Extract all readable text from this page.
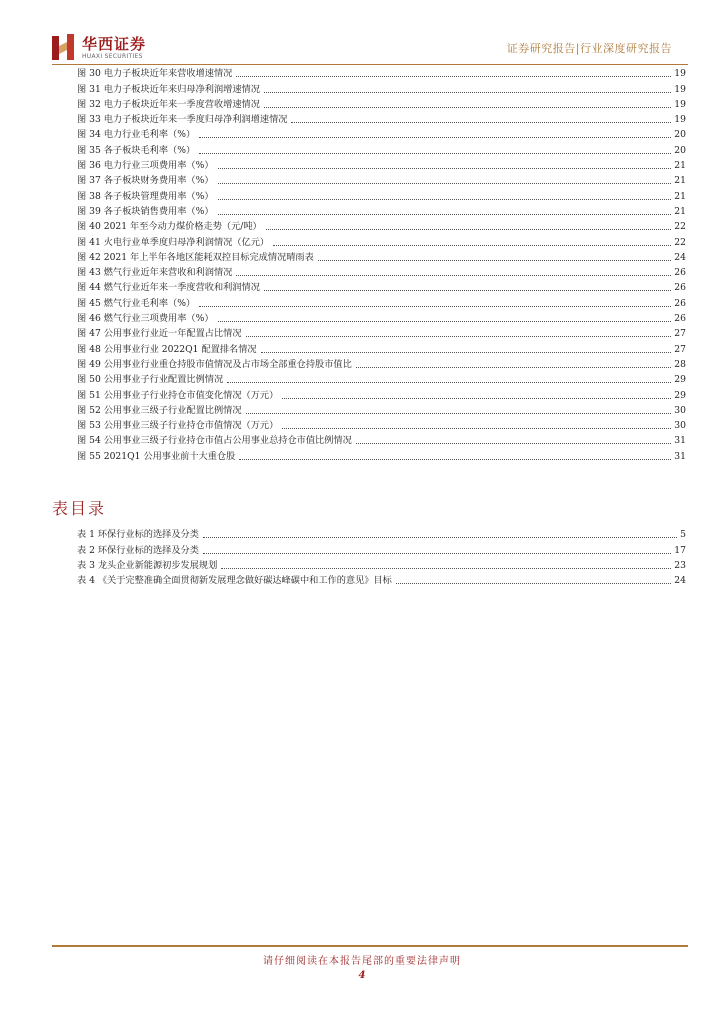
华西证券
HUAXI SECURITIES
证券研究报告|行业深度研究报告
图 30 电力子板块近年来营收增速情况	19
图 31 电力子板块近年来归母净利润增速情况	19
图 32 电力子板块近年来一季度营收增速情况	19
图 33 电力子板块近年来一季度归母净利润增速情况	19
图 34 电力行业毛利率（%）	20
图 35 各子板块毛利率（%）	20
图 36 电力行业三项费用率（%）	21
图 37 各子板块财务费用率（%）	21
图 38 各子板块管理费用率（%）	21
图 39 各子板块销售费用率（%）	21
图 40 2021 年至今动力煤价格走势（元/吨）	22
图 41 火电行业单季度归母净利润情况（亿元）	22
图 42 2021 年上半年各地区能耗双控目标完成情况晴雨表	24
图 43 燃气行业近年来营收和利润情况	26
图 44 燃气行业近年来一季度营收和利润情况	26
图 45 燃气行业毛利率（%）	26
图 46 燃气行业三项费用率（%）	26
图 47 公用事业行业近一年配置占比情况	27
图 48 公用事业行业 2022Q1 配置排名情况	27
图 49 公用事业行业重仓持股市值情况及占市场全部重仓持股市值比	28
图 50 公用事业子行业配置比例情况	29
图 51 公用事业子行业持仓市值变化情况（万元）	29
图 52 公用事业三级子行业配置比例情况	30
图 53 公用事业三级子行业持仓市值情况（万元）	30
图 54 公用事业三级子行业持仓市值占公用事业总持仓市值比例情况	31
图 55 2021Q1 公用事业前十大重仓股	31
表目录
表 1 环保行业标的选择及分类	5
表 2 环保行业标的选择及分类	17
表 3 龙头企业新能源初步发展规划	23
表 4 《关于完整准确全面贯彻新发展理念做好碳达峰碳中和工作的意见》目标	24
请仔细阅读在本报告尾部的重要法律声明
4
